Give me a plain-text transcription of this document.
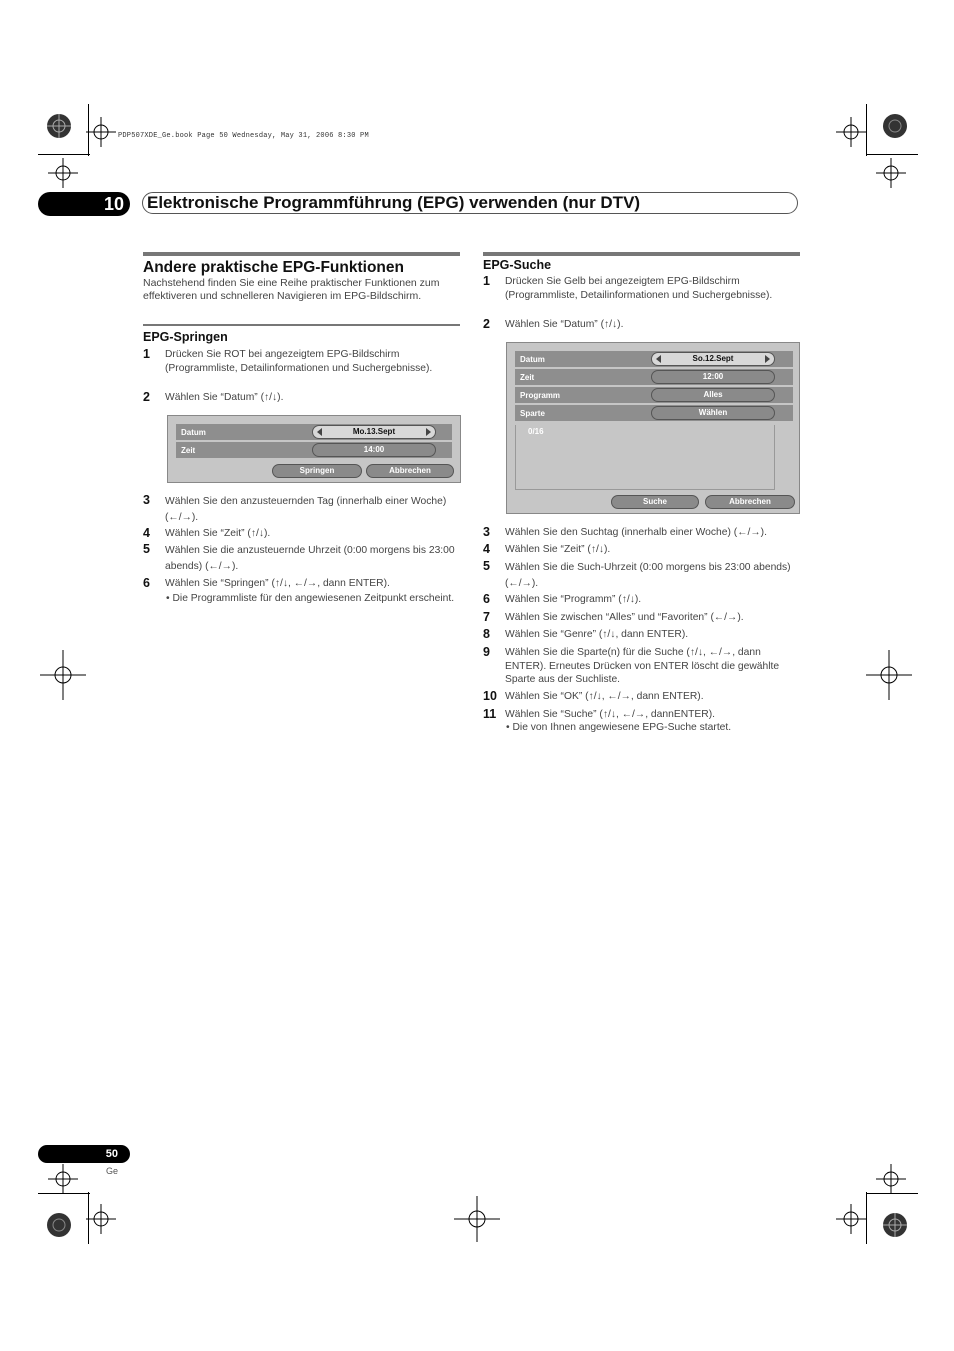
PDP507XDE_Ge.book Page 50 Wednesday, May 31, 2006 8:30 PM
10	Elektronische Programmführung (EPG) verwenden (nur DTV)
Andere praktische EPG-Funktionen
Nachstehend finden Sie eine Reihe praktischer Funktionen zum effektiveren und schnelleren Navigieren im EPG-Bildschirm.
EPG-Springen
1 Drücken Sie ROT bei angezeigtem EPG-Bildschirm (Programmliste, Detailinformationen und Suchergebnisse).
2 Wählen Sie “Datum” (↑/↓).
Datum	Mo.13.Sept
Zeit	14:00
Springen	Abbrechen
3 Wählen Sie den anzusteuernden Tag (innerhalb einer Woche) (←/→).
4 Wählen Sie “Zeit” (↑/↓).
5 Wählen Sie die anzusteuernde Uhrzeit (0:00 morgens bis 23:00 abends) (←/→).
6 Wählen Sie “Springen” (↑/↓, ←/→, dann ENTER).
• Die Programmliste für den angewiesenen Zeitpunkt erscheint.
EPG-Suche
1 Drücken Sie Gelb bei angezeigtem EPG-Bildschirm (Programmliste, Detailinformationen und Suchergebnisse).
2 Wählen Sie “Datum” (↑/↓).
Datum	So.12.Sept
Zeit	12:00
Programm	Alles
Sparte	Wählen
0/16
Suche	Abbrechen
3 Wählen Sie den Suchtag (innerhalb einer Woche) (←/→).
4 Wählen Sie “Zeit” (↑/↓).
5 Wählen Sie die Such-Uhrzeit (0:00 morgens bis 23:00 abends) (←/→).
6 Wählen Sie “Programm” (↑/↓).
7 Wählen Sie zwischen “Alles” und “Favoriten” (←/→).
8 Wählen Sie “Genre” (↑/↓, dann ENTER).
9 Wählen Sie die Sparte(n) für die Suche (↑/↓, ←/→, dann ENTER). Erneutes Drücken von ENTER löscht die gewählte Sparte aus der Suchliste.
10 Wählen Sie “OK” (↑/↓, ←/→, dann ENTER).
11 Wählen Sie “Suche” (↑/↓, ←/→, dannENTER).
• Die von Ihnen angewiesene EPG-Suche startet.
50
Ge
